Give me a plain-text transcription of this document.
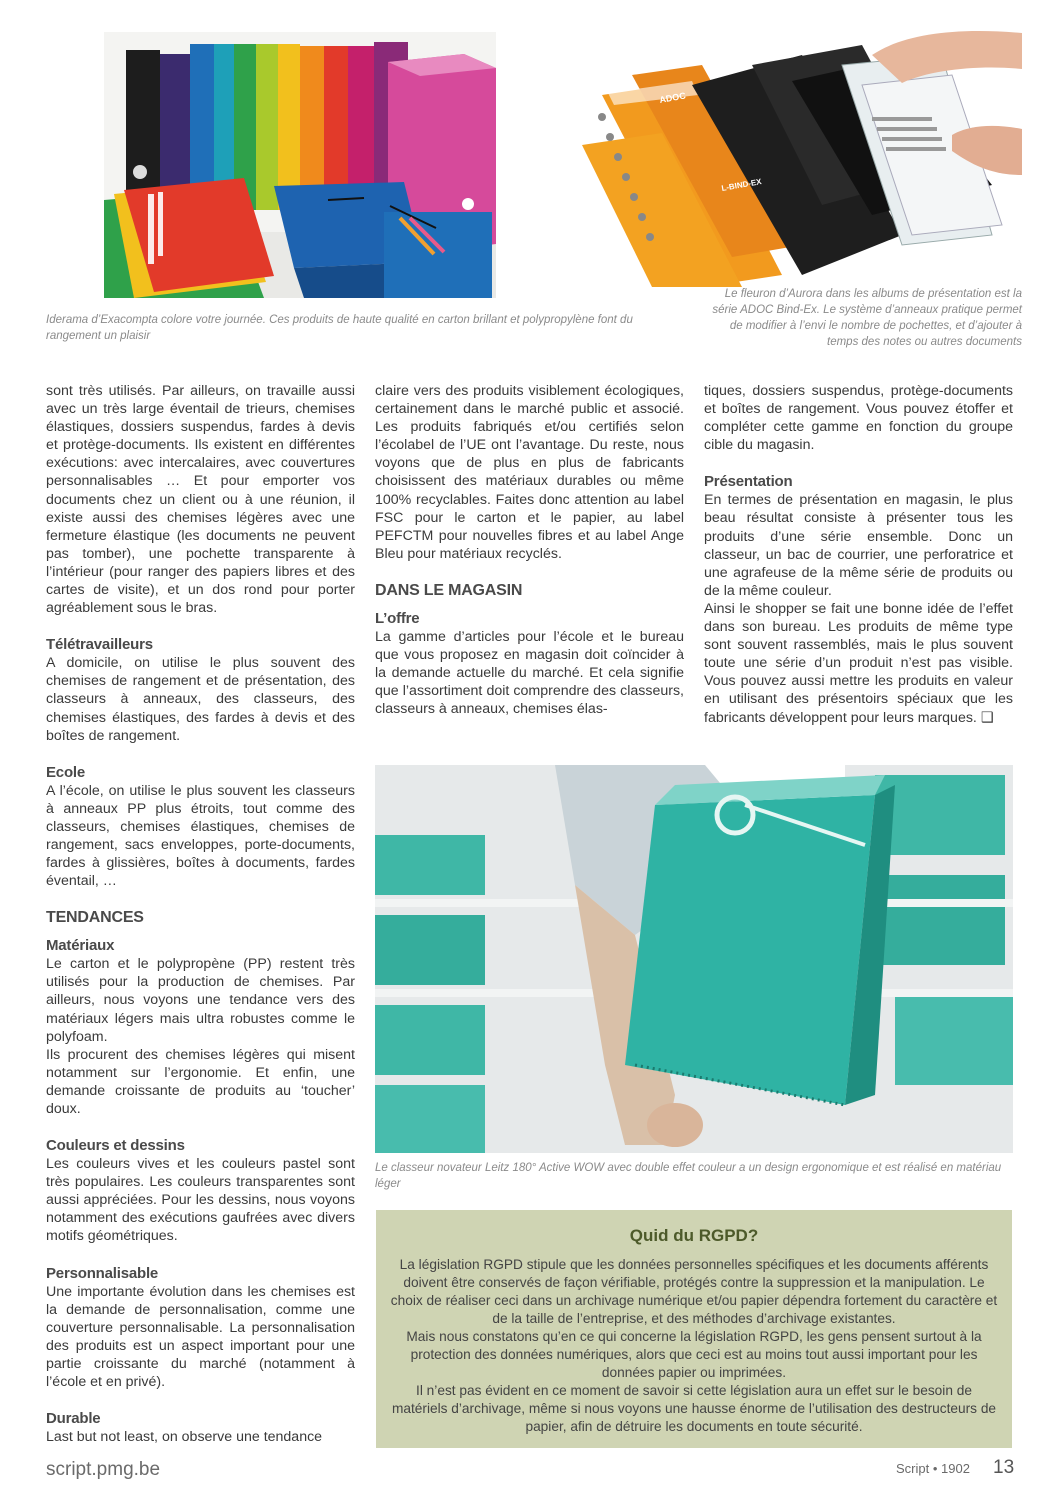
ADOC
L-BIND-EX
Iderama d’Exacompta colore votre journée. Ces produits de haute qualité en carton brillant et polypropylène font du rangement un plaisir
Le fleuron d’Aurora dans les albums de présentation est la série ADOC Bind-Ex. Le système d’anneaux pratique permet de modifier à l’envi le nombre de pochettes, et d’ajouter à temps des notes ou autres documents

sont très utilisés. Par ailleurs, on travaille aussi avec un très large éventail de trieurs, chemises élastiques, dossiers suspendus, fardes à devis et protège-documents. Ils existent en différentes exécutions: avec intercalaires, avec couvertures personnalisables … Et pour emporter vos documents chez un client ou à une réunion, il existe aussi des chemises légères avec une fermeture élastique (les documents ne peuvent pas tomber), une pochette transparente à l’intérieur (pour ranger des papiers libres et des cartes de visite), et un dos rond pour porter agréablement sous le bras.

Télétravailleurs

A domicile, on utilise le plus souvent des chemises de rangement et de présentation, des classeurs à anneaux, des classeurs, des chemises élastiques, des fardes à devis et des boîtes de rangement.

Ecole

A l’école, on utilise le plus souvent les classeurs à anneaux PP plus étroits, tout comme des classeurs, chemises élastiques, chemises de rangement, sacs enveloppes, porte-documents, fardes à glissières, boîtes à documents, fardes éventail, …

TENDANCES
Matériaux

Le carton et le polypropène (PP) restent très utilisés pour la production de chemises. Par ailleurs, nous voyons une tendance vers des matériaux légers mais ultra robustes comme le polyfoam.

Ils procurent des chemises légères qui misent notamment sur l’ergonomie. Et enfin, une demande croissante de produits au ‘toucher’ doux.

Couleurs et dessins

Les couleurs vives et les couleurs pastel sont très populaires. Les couleurs transparentes sont aussi appréciées. Pour les dessins, nous voyons notamment des exécutions gaufrées avec divers motifs géométriques.

Personnalisable

Une importante évolution dans les chemises est la demande de personnalisation, comme une couverture personnalisable. La personnalisation des produits est un aspect important pour une partie croissante du marché (notamment à l’école et en privé).

Durable

Last but not least, on observe une tendance

claire vers des produits visiblement écologiques, certainement dans le marché public et associé. Les produits fabriqués et/ou certifiés selon l’écolabel de l’UE ont l’avantage. Du reste, nous voyons que de plus en plus de fabricants choisissent des matériaux durables ou même 100% recyclables. Faites donc attention au label FSC pour le carton et le papier, au label PEFCTM pour nouvelles fibres et au label Ange Bleu pour matériaux recyclés.

DANS LE MAGASIN
L’offre

La gamme d’articles pour l’école et le bureau que vous proposez en magasin doit coïncider à la demande actuelle du marché. Et cela signifie que l’assortiment doit comprendre des classeurs, classeurs à anneaux, chemises élas-

tiques, dossiers suspendus, protège-documents et boîtes de rangement. Vous pouvez étoffer et compléter cette gamme en fonction du groupe cible du magasin.

Présentation

En termes de présentation en magasin, le plus beau résultat consiste à présenter tous les produits d’une série ensemble. Donc un classeur, un bac de courrier, une perforatrice et une agrafeuse de la même série de produits ou de la même couleur.

Ainsi le shopper se fait une bonne idée de l’effet dans son bureau. Les produits de même type sont souvent rassemblés, mais le plus souvent toute une série d’un produit n’est pas visible. Vous pouvez aussi mettre les produits en valeur en utilisant des présentoirs spéciaux que les fabricants développent pour leurs marques. ❑

Le classeur novateur Leitz 180° Active WOW avec double effet couleur a un design ergonomique et est réalisé en matériau léger
Quid du RGPD?

La législation RGPD stipule que les données personnelles spécifiques et les documents afférents doivent être conservés de façon vérifiable, protégés contre la suppression et la manipulation. Le choix de réaliser ceci dans un archivage numérique et/ou papier dépendra fortement du caractère et de la taille de l’entreprise, et des méthodes d’archivage existantes.

Mais nous constatons qu’en ce qui concerne la législation RGPD, les gens pensent surtout à la protection des données numériques, alors que ceci est au moins tout aussi important pour les données papier ou imprimées.

Il n’est pas évident en ce moment de savoir si cette législation aura un effet sur le besoin de matériels d’archivage, même si nous voyons une hausse énorme de l’utilisation des destructeurs de papier, afin de détruire les documents en toute sécurité.

script.pmg.be	Script • 1902 13
